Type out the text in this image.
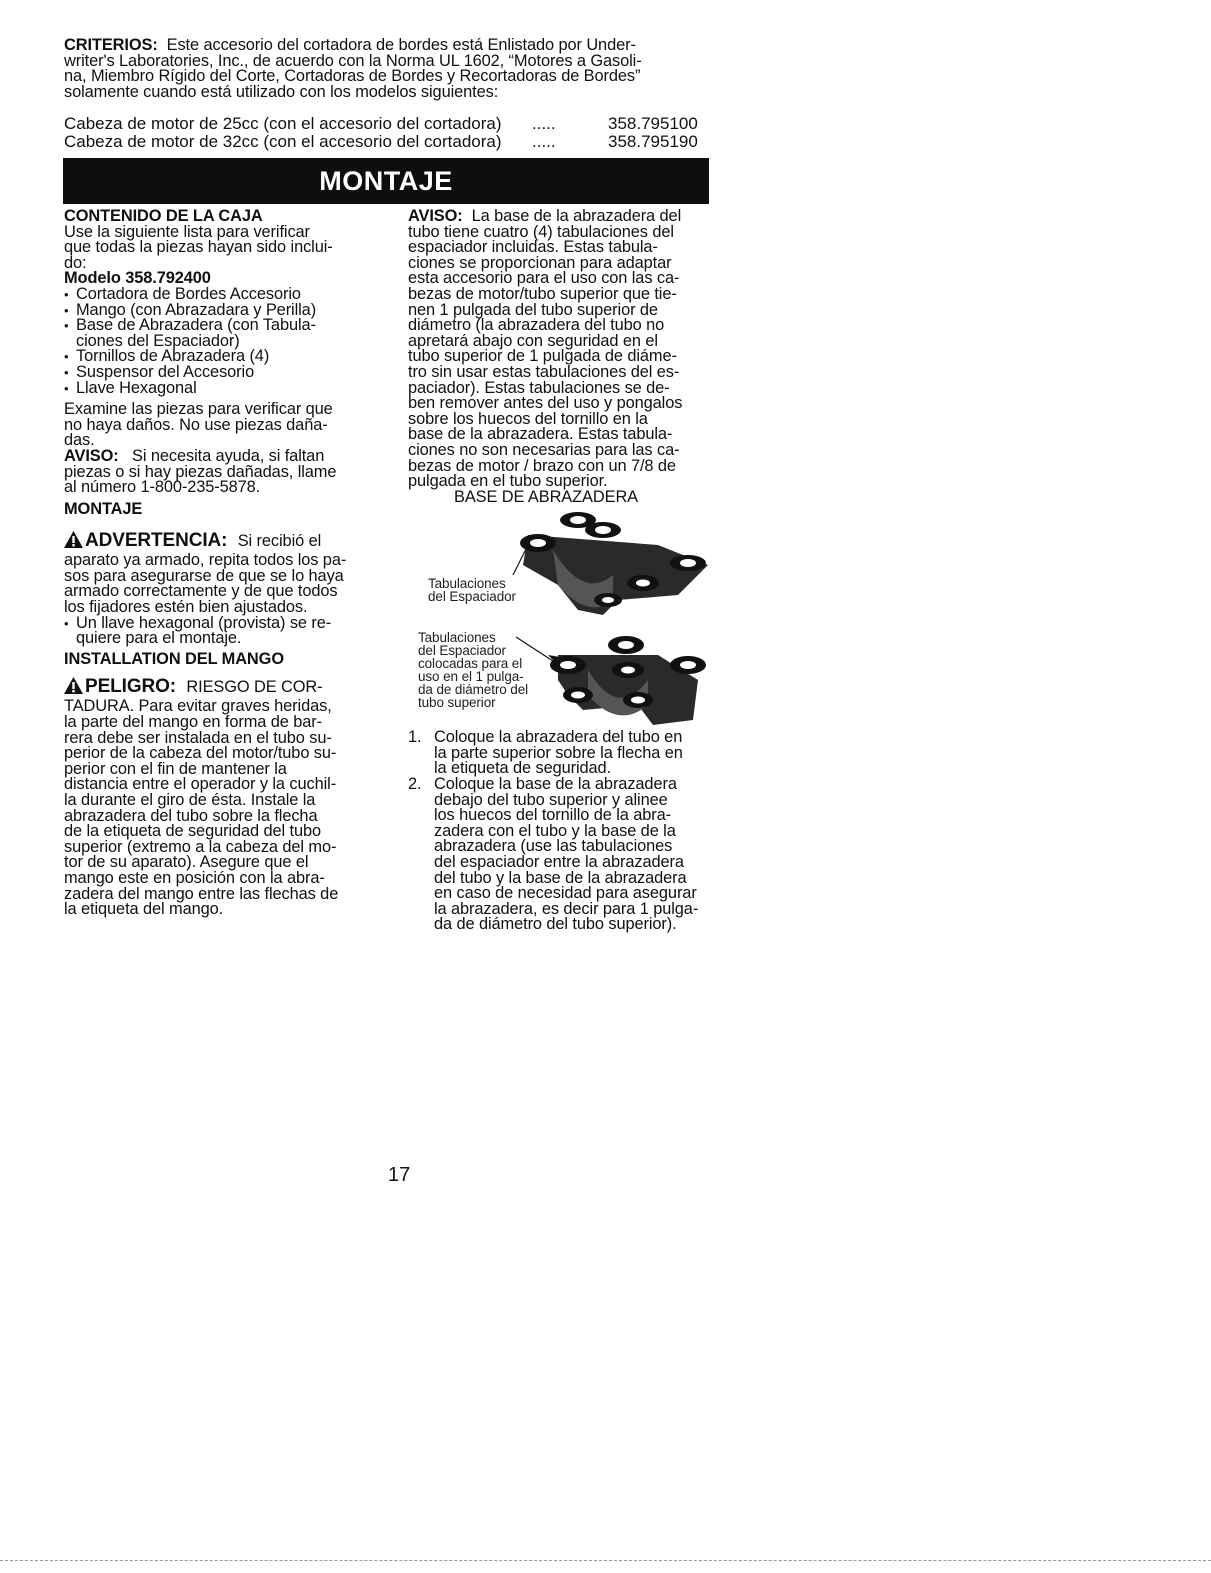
CRITERIOS: Este accesorio del cortadora de bordes está Enlistado por Under-

writer's Laboratories, Inc., de acuerdo con la Norma UL 1602, “Motores a Gasoli-

na, Miembro Rígido del Corte, Cortadoras de Bordes y Recortadoras de Bordes”

solamente cuando está utilizado con los modelos siguientes:

Cabeza de motor de 25cc (con el accesorio del cortadora) .....	358.795100
Cabeza de motor de 32cc (con el accesorio del cortadora) .....	358.795190
MONTAJE

CONTENIDO DE LA CAJA

Use la siguiente lista para verificar

que todas la piezas hayan sido inclui-

do:

Modelo 358.792400

• Cortadora de Bordes Accesorio
• Mango (con Abrazadara y Perilla)
• Base de Abrazadera (con Tabula-
ciones del Espaciador)
• Tornillos de Abrazadera (4)
• Suspensor del Accesorio
• Llave Hexagonal

Examine las piezas para verificar que

no haya daños. No use piezas daña-

das.

AVISO: Si necesita ayuda, si faltan

piezas o si hay piezas dañadas, llame

al número 1-800-235-5878.

MONTAJE

ADVERTENCIA: Si recibió el

aparato ya armado, repita todos los pa-

sos para asegurarse de que se lo haya

armado correctamente y de que todos

los fijadores estén bien ajustados.

• Un llave hexagonal (provista) se re-
quiere para el montaje.

INSTALLATION DEL MANGO

PELIGRO: RIESGO DE COR-

TADURA. Para evitar graves heridas,

la parte del mango en forma de bar-

rera debe ser instalada en el tubo su-

perior de la cabeza del motor/tubo su-

perior con el fin de mantener la

distancia entre el operador y la cuchil-

la durante el giro de ésta. Instale la

abrazadera del tubo sobre la flecha

de la etiqueta de seguridad del tubo

superior (extremo a la cabeza del mo-

tor de su aparato). Asegure que el

mango este en posición con la abra-

zadera del mango entre las flechas de

la etiqueta del mango.

AVISO: La base de la abrazadera del

tubo tiene cuatro (4) tabulaciones del

espaciador incluidas. Estas tabula-

ciones se proporcionan para adaptar

esta accesorio para el uso con las ca-

bezas de motor/tubo superior que tie-

nen 1 pulgada del tubo superior de

diámetro (la abrazadera del tubo no

apretará abajo con seguridad en el

tubo superior de 1 pulgada de diáme-

tro sin usar estas tabulaciones del es-

paciador). Estas tabulaciones se de-

ben remover antes del uso y pongalos

sobre los huecos del tornillo en la

base de la abrazadera. Estas tabula-

ciones no son necesarias para las ca-

bezas de motor / brazo con un 7/8 de

pulgada en el tubo superior.

BASE DE ABRAZADERA

Tabulaciones
del Espaciador
Tabulaciones
del Espaciador
colocadas para el
uso en el 1 pulga-
da de diámetro del
tubo superior
1. Coloque la abrazadera del tubo en
la parte superior sobre la flecha en
la etiqueta de seguridad.
2. Coloque la base de la abrazadera
debajo del tubo superior y alinee
los huecos del tornillo de la abra-
zadera con el tubo y la base de la
abrazadera (use las tabulaciones
del espaciador entre la abrazadera
del tubo y la base de la abrazadera
en caso de necesidad para asegurar
la abrazadera, es decir para 1 pulga-
da de diámetro del tubo superior).
17
